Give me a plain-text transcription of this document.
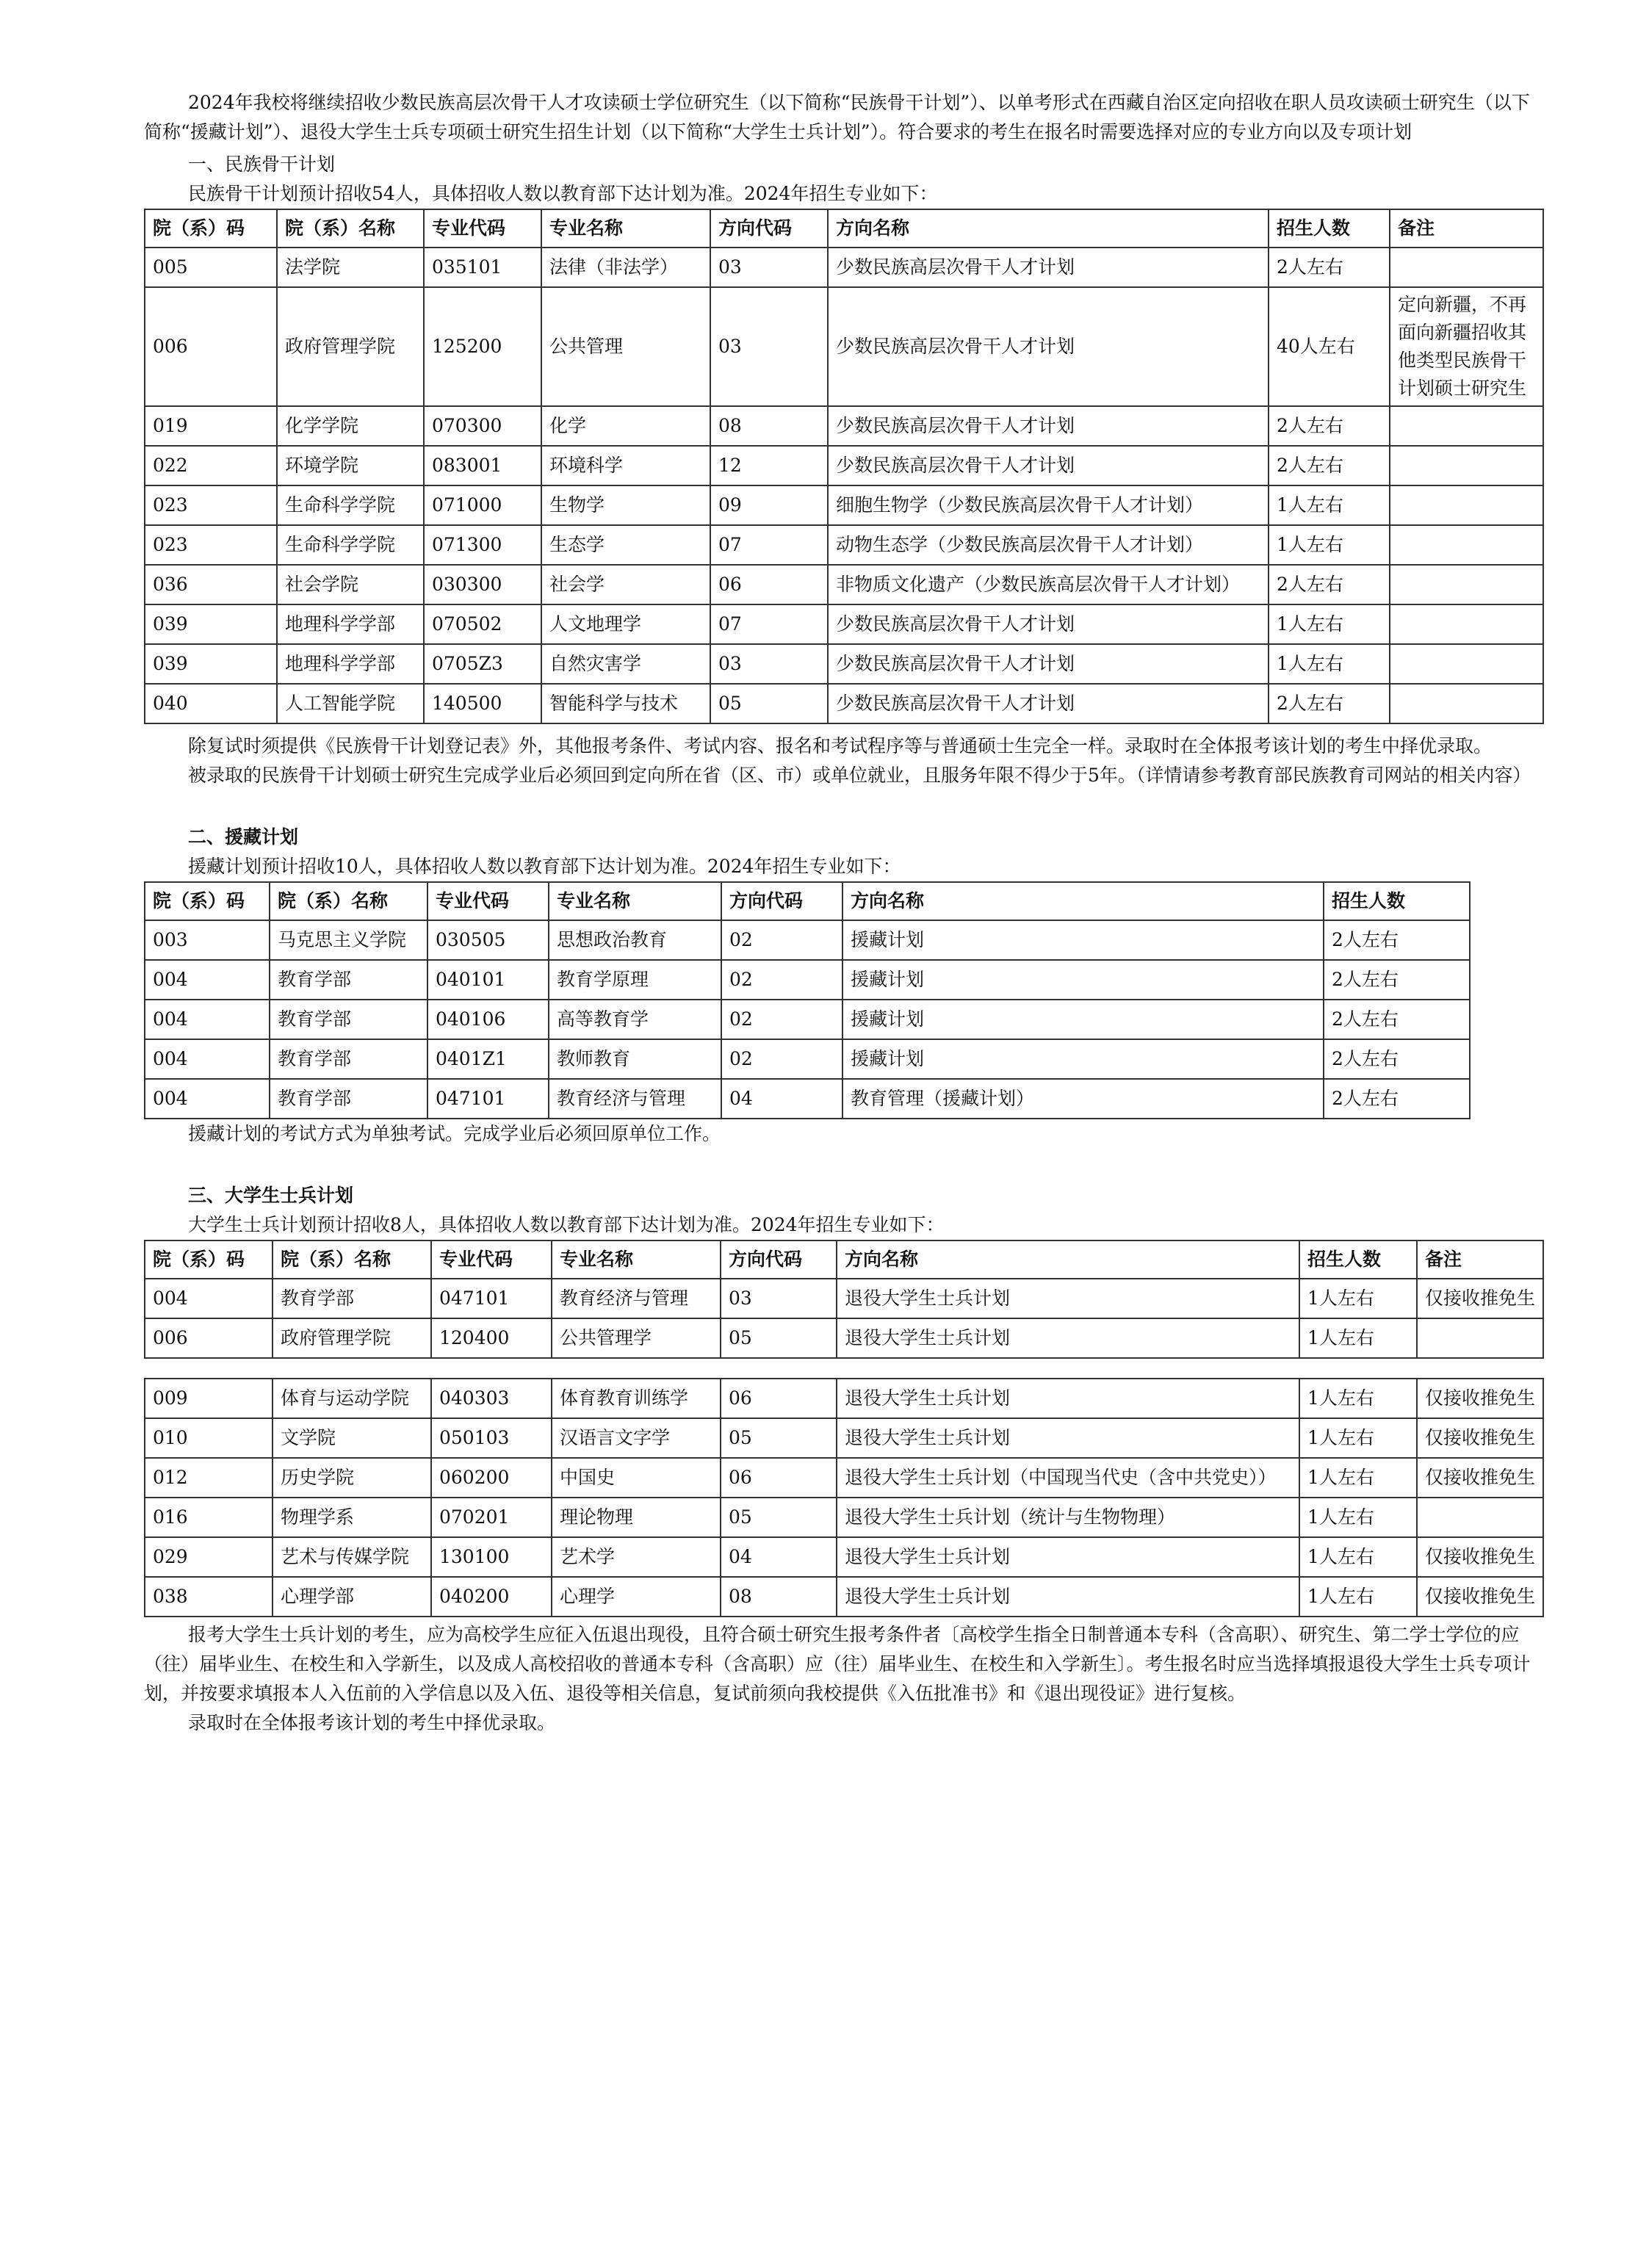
2024年我校将继续招收少数民族高层次骨干人才攻读硕士学位研究生（以下简称“民族骨干计划”）、以单考形式在西藏自治区定向招收在职人员攻读硕士研究生（以下简称“援藏计划”）、退役大学生士兵专项硕士研究生招生计划（以下简称“大学生士兵计划”）。符合要求的考生在报名时需要选择对应的专业方向以及专项计划

一、民族骨干计划

民族骨干计划预计招收54人，具体招收人数以教育部下达计划为准。2024年招生专业如下：

院（系）码	院（系）名称	专业代码	专业名称	方向代码	方向名称	招生人数	备注
005	法学院	035101	法律（非法学）	03	少数民族高层次骨干人才计划	2人左右	
006	政府管理学院	125200	公共管理	03	少数民族高层次骨干人才计划	40人左右	定向新疆，不再面向新疆招收其他类型民族骨干计划硕士研究生
019	化学学院	070300	化学	08	少数民族高层次骨干人才计划	2人左右	
022	环境学院	083001	环境科学	12	少数民族高层次骨干人才计划	2人左右	
023	生命科学学院	071000	生物学	09	细胞生物学（少数民族高层次骨干人才计划）	1人左右	
023	生命科学学院	071300	生态学	07	动物生态学（少数民族高层次骨干人才计划）	1人左右	
036	社会学院	030300	社会学	06	非物质文化遗产（少数民族高层次骨干人才计划）	2人左右	
039	地理科学学部	070502	人文地理学	07	少数民族高层次骨干人才计划	1人左右	
039	地理科学学部	0705Z3	自然灾害学	03	少数民族高层次骨干人才计划	1人左右	
040	人工智能学院	140500	智能科学与技术	05	少数民族高层次骨干人才计划	2人左右	

除复试时须提供《民族骨干计划登记表》外，其他报考条件、考试内容、报名和考试程序等与普通硕士生完全一样。录取时在全体报考该计划的考生中择优录取。

被录取的民族骨干计划硕士研究生完成学业后必须回到定向所在省（区、市）或单位就业，且服务年限不得少于5年。（详情请参考教育部民族教育司网站的相关内容）

二、援藏计划

援藏计划预计招收10人，具体招收人数以教育部下达计划为准。2024年招生专业如下：

院（系）码	院（系）名称	专业代码	专业名称	方向代码	方向名称	招生人数
003	马克思主义学院	030505	思想政治教育	02	援藏计划	2人左右
004	教育学部	040101	教育学原理	02	援藏计划	2人左右
004	教育学部	040106	高等教育学	02	援藏计划	2人左右
004	教育学部	0401Z1	教师教育	02	援藏计划	2人左右
004	教育学部	047101	教育经济与管理	04	教育管理（援藏计划）	2人左右

援藏计划的考试方式为单独考试。完成学业后必须回原单位工作。

三、大学生士兵计划

大学生士兵计划预计招收8人，具体招收人数以教育部下达计划为准。2024年招生专业如下：

院（系）码	院（系）名称	专业代码	专业名称	方向代码	方向名称	招生人数	备注
004	教育学部	047101	教育经济与管理	03	退役大学生士兵计划	1人左右	仅接收推免生
006	政府管理学院	120400	公共管理学	05	退役大学生士兵计划	1人左右	

009	体育与运动学院	040303	体育教育训练学	06	退役大学生士兵计划	1人左右	仅接收推免生
010	文学院	050103	汉语言文字学	05	退役大学生士兵计划	1人左右	仅接收推免生
012	历史学院	060200	中国史	06	退役大学生士兵计划（中国现当代史（含中共党史））	1人左右	仅接收推免生
016	物理学系	070201	理论物理	05	退役大学生士兵计划（统计与生物物理）	1人左右	
029	艺术与传媒学院	130100	艺术学	04	退役大学生士兵计划	1人左右	仅接收推免生
038	心理学部	040200	心理学	08	退役大学生士兵计划	1人左右	仅接收推免生

报考大学生士兵计划的考生，应为高校学生应征入伍退出现役，且符合硕士研究生报考条件者〔高校学生指全日制普通本专科（含高职）、研究生、第二学士学位的应（往）届毕业生、在校生和入学新生，以及成人高校招收的普通本专科（含高职）应（往）届毕业生、在校生和入学新生〕。考生报名时应当选择填报退役大学生士兵专项计划，并按要求填报本人入伍前的入学信息以及入伍、退役等相关信息，复试前须向我校提供《入伍批准书》和《退出现役证》进行复核。

录取时在全体报考该计划的考生中择优录取。
